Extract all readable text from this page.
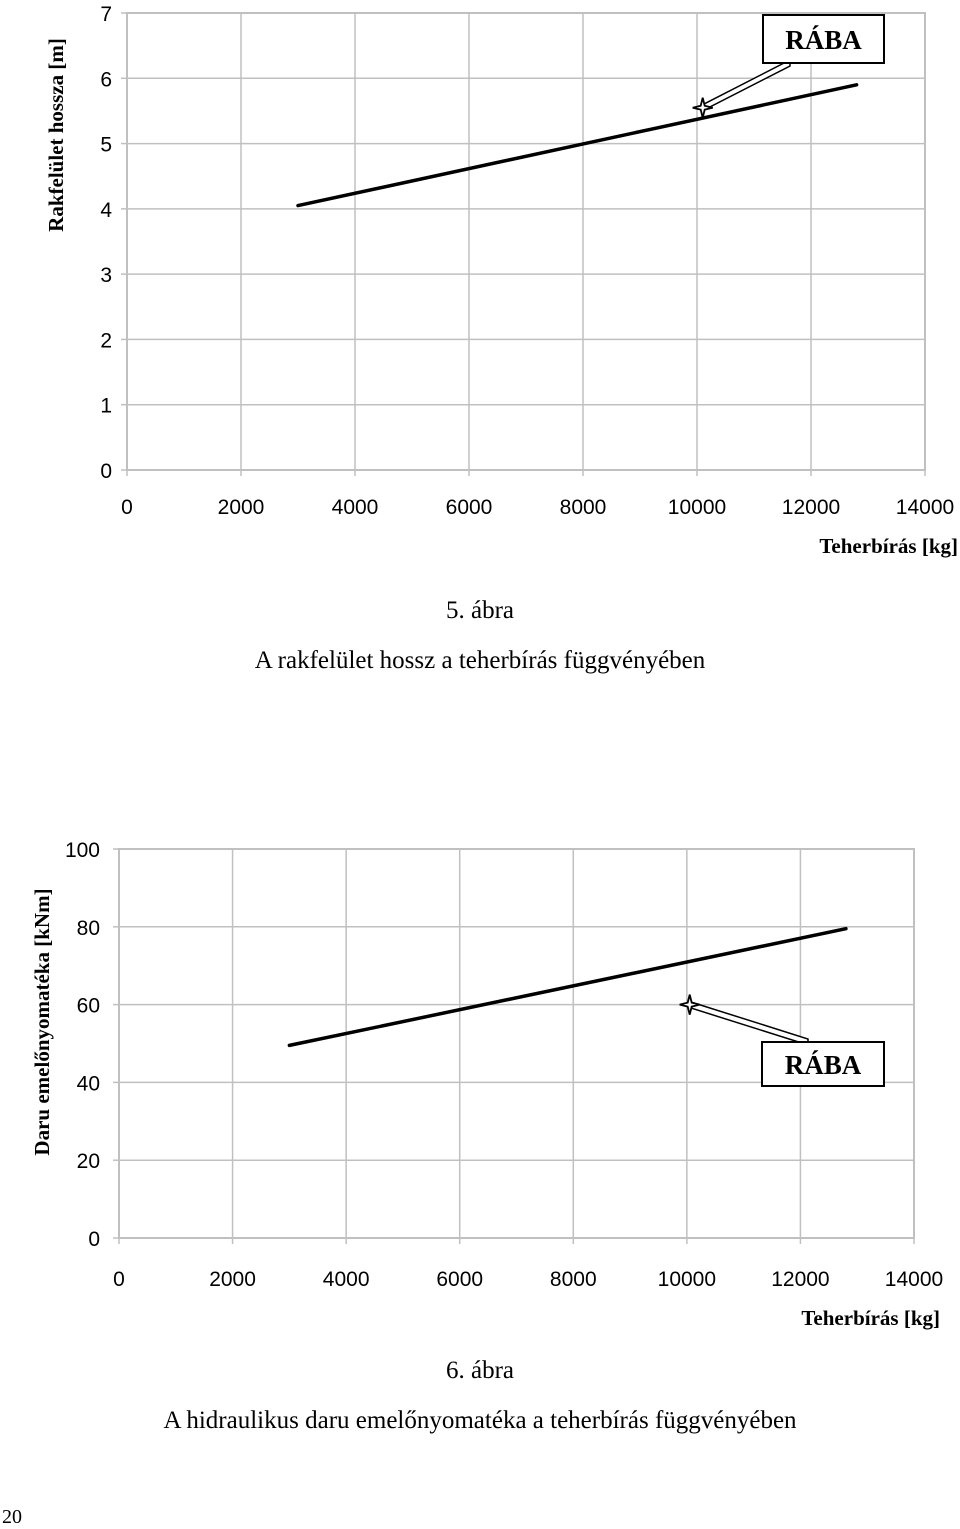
0	2000	4000	6000	8000	10000	12000	14000
0
1
2
3
4
5
6
7
Teherbírás [kg]
Rakfelület hossza [m]	RÁBA
0	2000	4000	6000	8000	10000	12000	14000
0
20
40
60
80
100
Teherbírás [kg]
Daru emelőnyomatéka [kNm]	RÁBA
5. ábra
A rakfelület hossz a teherbírás függvényében
6. ábra
A hidraulikus daru emelőnyomatéka a teherbírás függvényében
20
